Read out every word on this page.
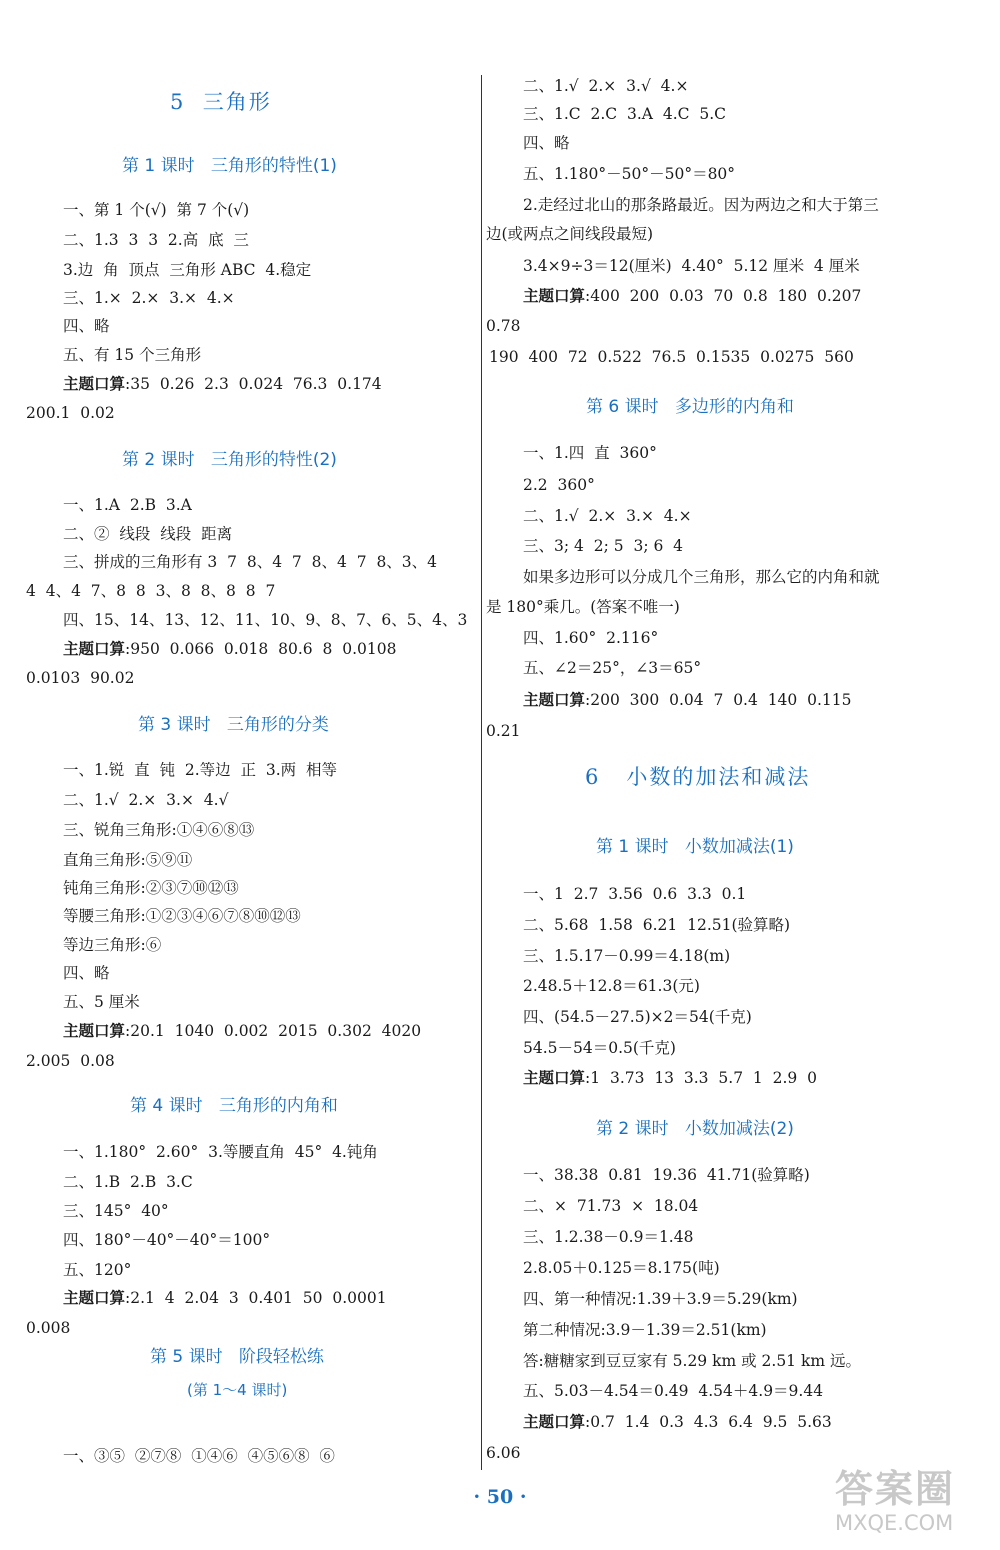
5  三角形
第 1 课时   三角形的特性(1)
第 2 课时   三角形的特性(2)
第 3 课时   三角形的分类
第 4 课时   三角形的内角和
第 5 课时   阶段轻松练
(第 1～4 课时)
第 6 课时   多边形的内角和
6   小数的加法和减法
第 1 课时   小数加减法(1)
第 2 课时   小数加减法(2)
一、第 1 个(√)  第 7 个(√)
二、1.3  3  3  2.高  底  三
3.边  角  顶点  三角形 ABC  4.稳定
三、1.×  2.×  3.×  4.×
四、略
五、有 15 个三角形
主题口算:35  0.26  2.3  0.024  76.3  0.174
200.1  0.02
一、1.A  2.B  3.A
二、②  线段  线段  距离
三、拼成的三角形有 3  7  8、4  7  8、4  7  8、3、4
4  4、4  7、8  8  3、8  8、8  8  7
四、15、14、13、12、11、10、9、8、7、6、5、4、3
主题口算:950  0.066  0.018  80.6  8  0.0108
0.0103  90.02
一、1.锐  直  钝  2.等边  正  3.两  相等
二、1.√  2.×  3.×  4.√
三、锐角三角形:①④⑥⑧⑬
直角三角形:⑤⑨⑪
钝角三角形:②③⑦⑩⑫⑬
等腰三角形:①②③④⑥⑦⑧⑩⑫⑬
等边三角形:⑥
四、略
五、5 厘米
主题口算:20.1  1040  0.002  2015  0.302  4020
2.005  0.08
一、1.180°  2.60°  3.等腰直角  45°  4.钝角
二、1.B  2.B  3.C
三、145°  40°
四、180°－40°－40°＝100°
五、120°
主题口算:2.1  4  2.04  3  0.401  50  0.0001
0.008
一、③⑤  ②⑦⑧  ①④⑥  ④⑤⑥⑧  ⑥
二、1.√  2.×  3.√  4.×
三、1.C  2.C  3.A  4.C  5.C
四、略
五、1.180°－50°－50°＝80°
2.走经过北山的那条路最近。因为两边之和大于第三
边(或两点之间线段最短)
3.4×9÷3＝12(厘米)  4.40°  5.12 厘米  4 厘米
主题口算:400  200  0.03  70  0.8  180  0.207
0.78
190  400  72  0.522  76.5  0.1535  0.0275  560
一、1.四  直  360°
2.2  360°
二、1.√  2.×  3.×  4.×
三、3; 4  2; 5  3; 6  4
如果多边形可以分成几个三角形，那么它的内角和就
是 180°乘几。(答案不唯一)
四、1.60°  2.116°
五、∠2＝25°，∠3＝65°
主题口算:200  300  0.04  7  0.4  140  0.115
0.21
一、1  2.7  3.56  0.6  3.3  0.1
二、5.68  1.58  6.21  12.51(验算略)
三、1.5.17－0.99＝4.18(m)
2.48.5＋12.8＝61.3(元)
四、(54.5－27.5)×2＝54(千克)
54.5－54＝0.5(千克)
主题口算:1  3.73  13  3.3  5.7  1  2.9  0
一、38.38  0.81  19.36  41.71(验算略)
二、×  71.73  ×  18.04
三、1.2.38－0.9＝1.48
2.8.05＋0.125＝8.175(吨)
四、第一种情况:1.39＋3.9＝5.29(km)
第二种情况:3.9－1.39＝2.51(km)
答:糖糖家到豆豆家有 5.29 km 或 2.51 km 远。
五、5.03－4.54＝0.49  4.54＋4.9＝9.44
主题口算:0.7  1.4  0.3  4.3  6.4  9.5  5.63
6.06
· 50 ·	答案圈
MXQE.COM
